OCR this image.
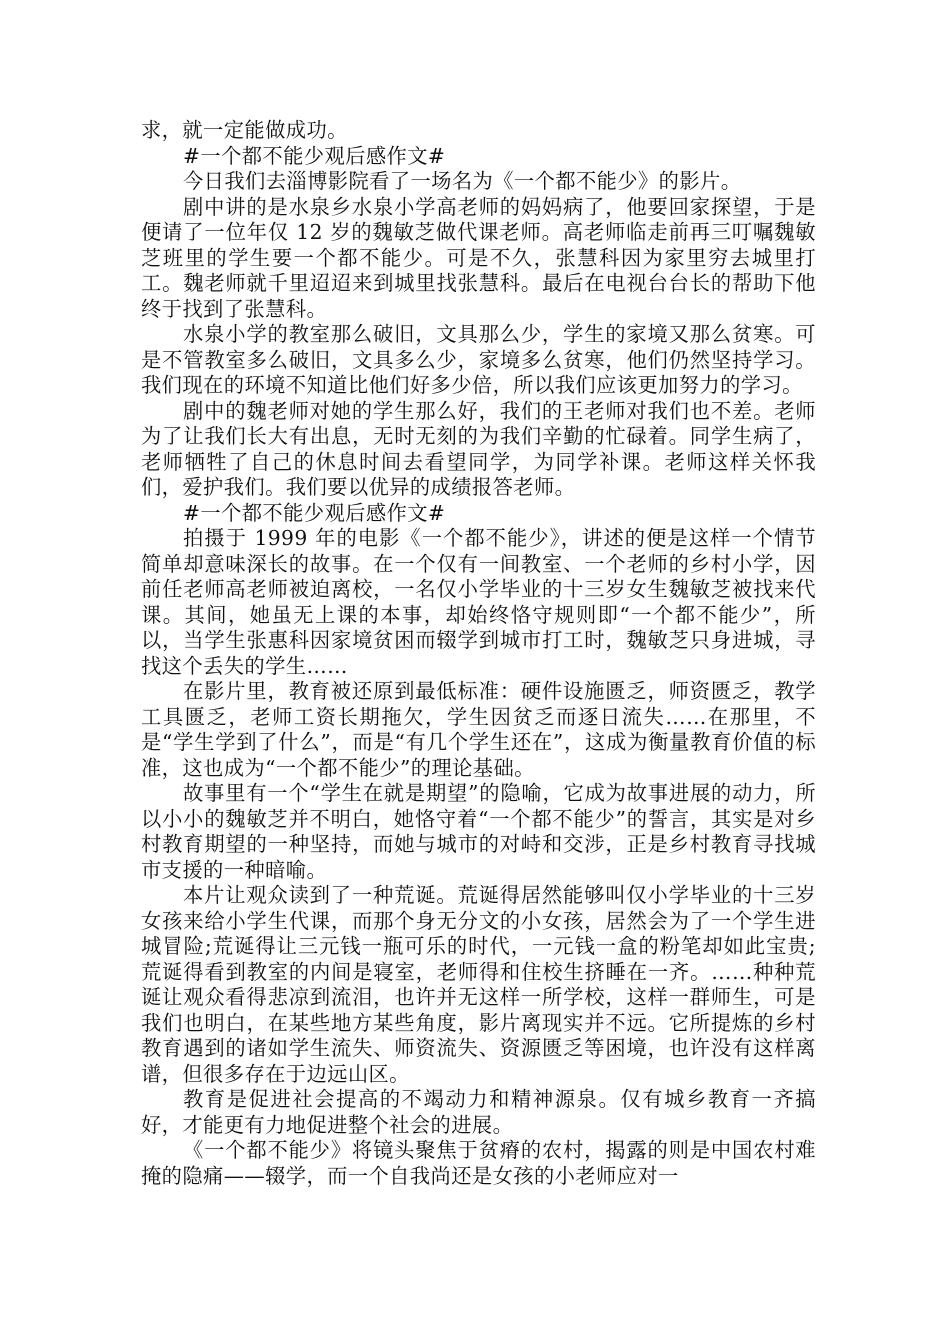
求，就一定能做成功。

#一个都不能少观后感作文#

今日我们去淄博影院看了一场名为《一个都不能少》的影片。

剧中讲的是水泉乡水泉小学高老师的妈妈病了，他要回家探望，于是便请了一位年仅 12 岁的魏敏芝做代课老师。高老师临走前再三叮嘱魏敏芝班里的学生要一个都不能少。可是不久，张慧科因为家里穷去城里打工。魏老师就千里迢迢来到城里找张慧科。最后在电视台台长的帮助下他终于找到了张慧科。

水泉小学的教室那么破旧，文具那么少，学生的家境又那么贫寒。可是不管教室多么破旧，文具多么少，家境多么贫寒，他们仍然坚持学习。我们现在的环境不知道比他们好多少倍，所以我们应该更加努力的学习。

剧中的魏老师对她的学生那么好，我们的王老师对我们也不差。老师为了让我们长大有出息，无时无刻的为我们辛勤的忙碌着。同学生病了，老师牺牲了自己的休息时间去看望同学，为同学补课。老师这样关怀我们，爱护我们。我们要以优异的成绩报答老师。

#一个都不能少观后感作文#

拍摄于 1999 年的电影《一个都不能少》，讲述的便是这样一个情节简单却意味深长的故事。在一个仅有一间教室、一个老师的乡村小学，因前任老师高老师被迫离校，一名仅小学毕业的十三岁女生魏敏芝被找来代课。其间，她虽无上课的本事，却始终恪守规则即“一个都不能少”，所以，当学生张惠科因家境贫困而辍学到城市打工时，魏敏芝只身进城，寻找这个丢失的学生……

在影片里，教育被还原到最低标准：硬件设施匮乏，师资匮乏，教学工具匮乏，老师工资长期拖欠，学生因贫乏而逐日流失……在那里，不是“学生学到了什么”，而是“有几个学生还在”，这成为衡量教育价值的标准，这也成为“一个都不能少”的理论基础。

故事里有一个“学生在就是期望”的隐喻，它成为故事进展的动力，所以小小的魏敏芝并不明白，她恪守着“一个都不能少”的誓言，其实是对乡村教育期望的一种坚持，而她与城市的对峙和交涉，正是乡村教育寻找城市支援的一种暗喻。

本片让观众读到了一种荒诞。荒诞得居然能够叫仅小学毕业的十三岁女孩来给小学生代课，而那个身无分文的小女孩，居然会为了一个学生进城冒险;荒诞得让三元钱一瓶可乐的时代，一元钱一盒的粉笔却如此宝贵;荒诞得看到教室的内间是寝室，老师得和住校生挤睡在一齐。……种种荒诞让观众看得悲凉到流泪，也许并无这样一所学校，这样一群师生，可是我们也明白，在某些地方某些角度，影片离现实并不远。它所提炼的乡村教育遇到的诸如学生流失、师资流失、资源匮乏等困境，也许没有这样离谱，但很多存在于边远山区。

教育是促进社会提高的不竭动力和精神源泉。仅有城乡教育一齐搞好，才能更有力地促进整个社会的进展。

《一个都不能少》将镜头聚焦于贫瘠的农村，揭露的则是中国农村难掩的隐痛——辍学，而一个自我尚还是女孩的小老师应对一
